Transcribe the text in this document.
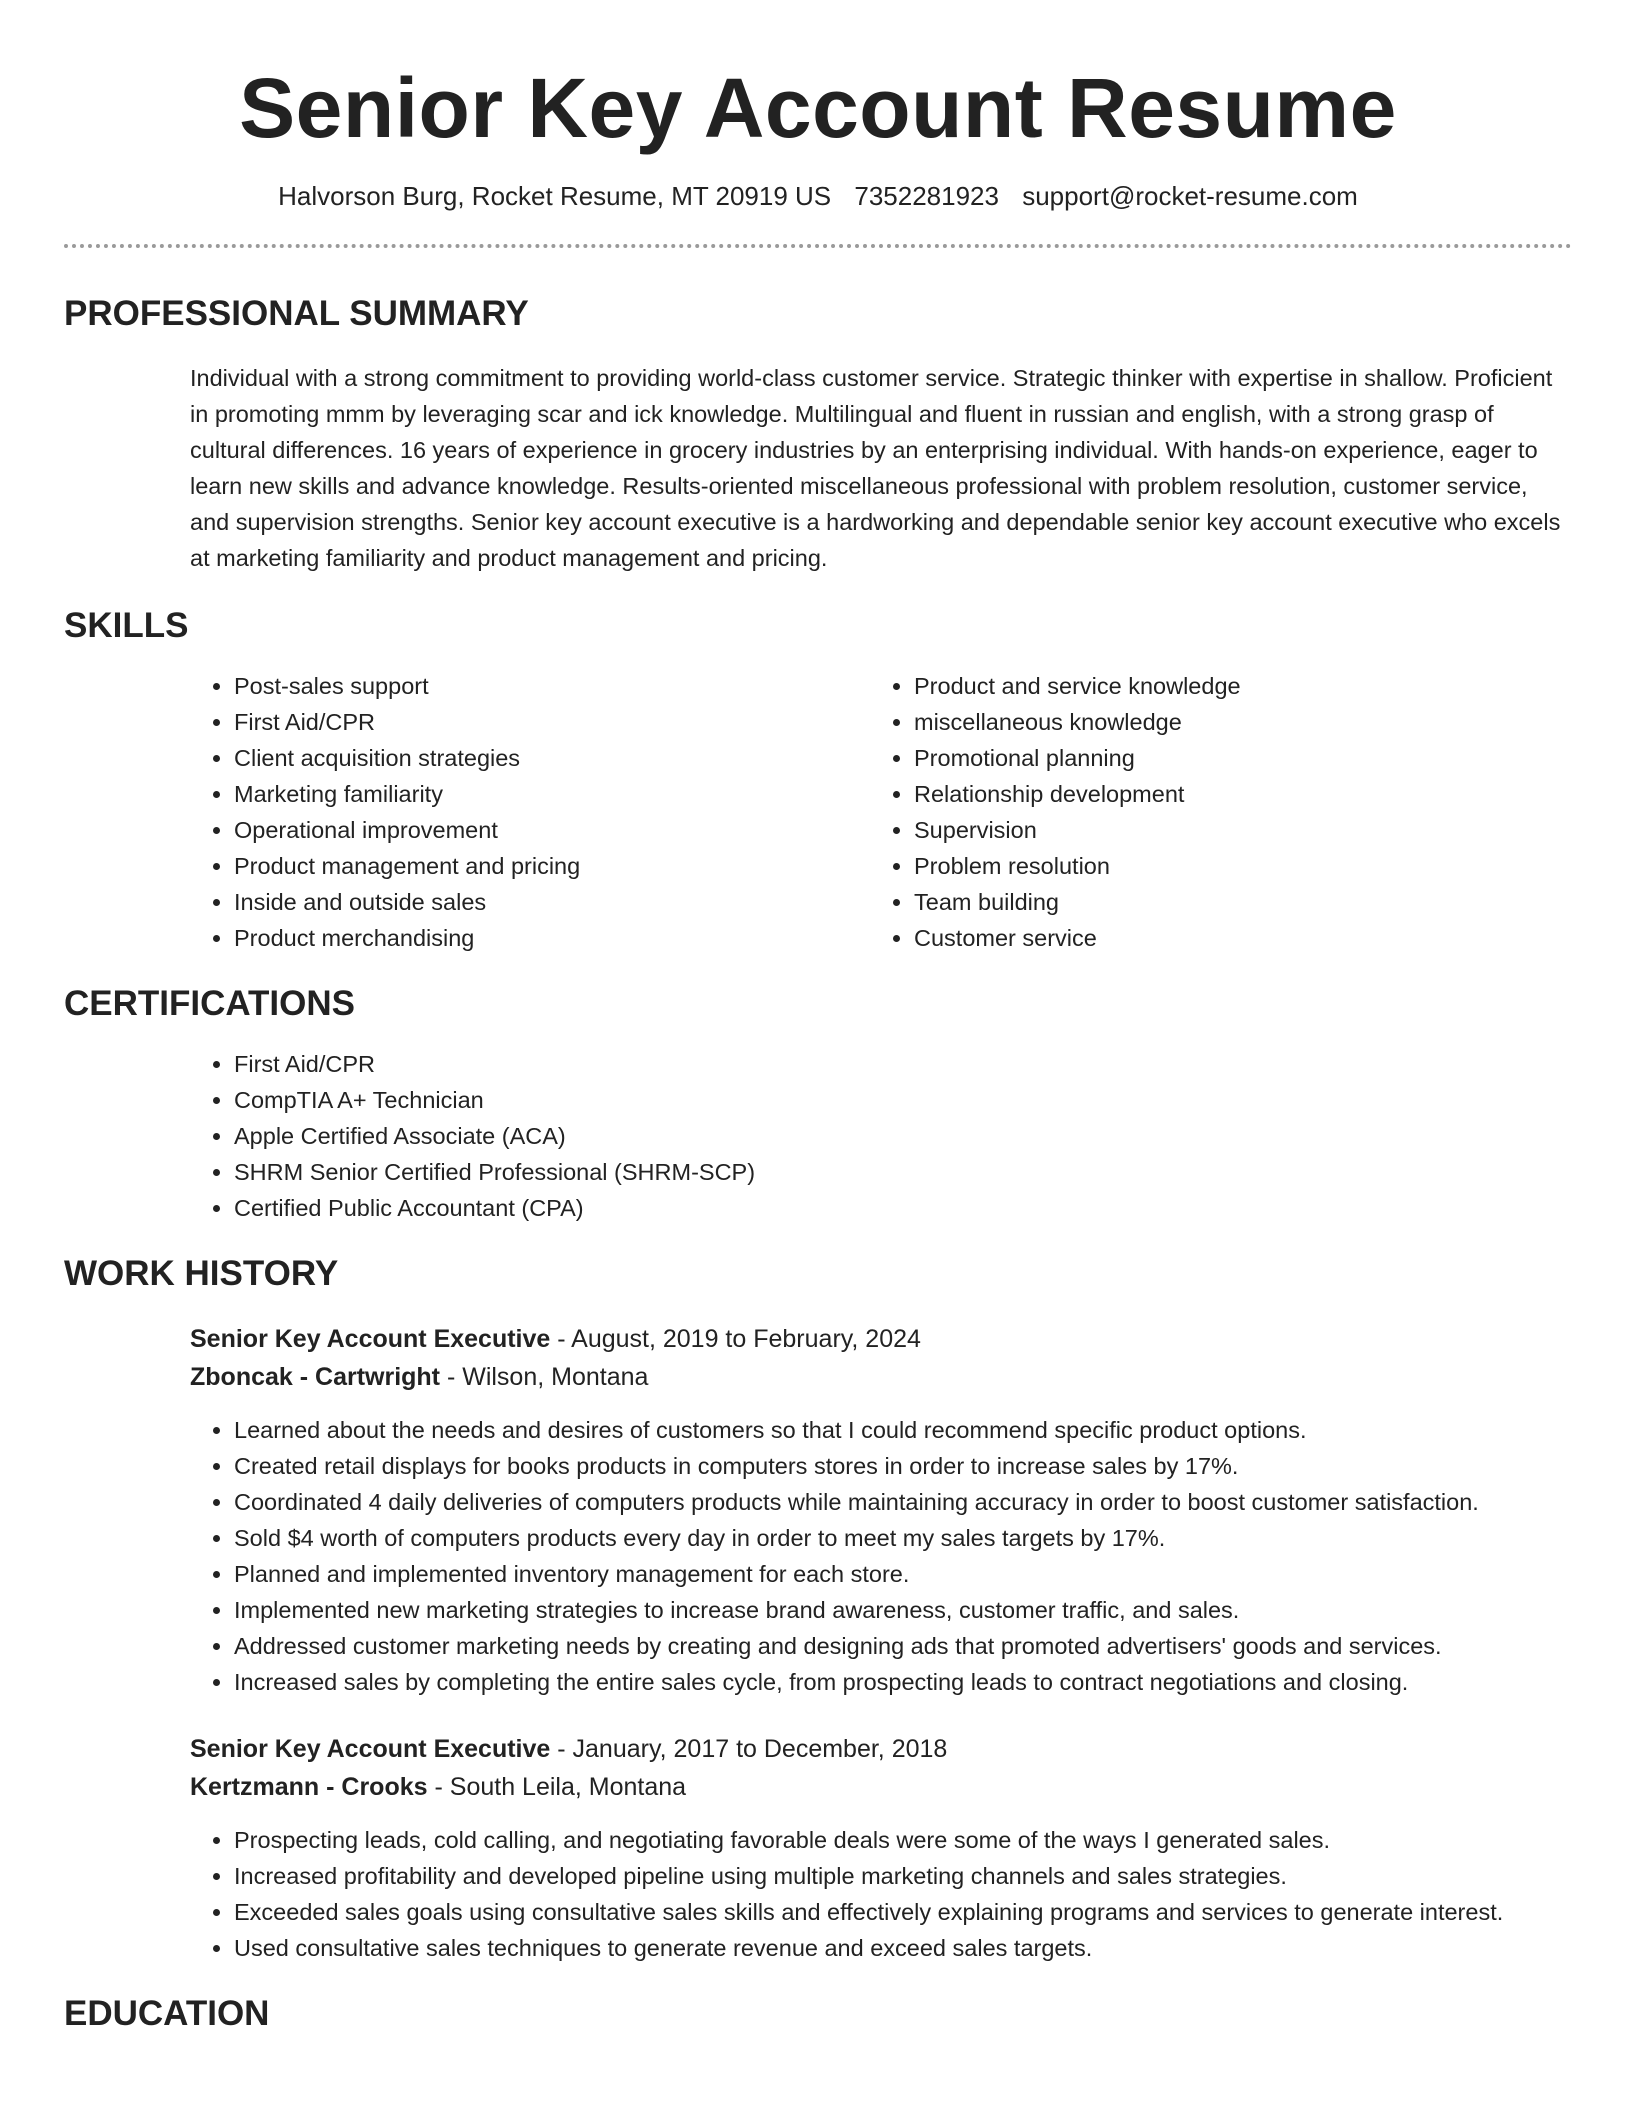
Senior Key Account Resume
Halvorson Burg, Rocket Resume, MT 20919 US 7352281923 support@rocket-resume.com
PROFESSIONAL SUMMARY

Individual with a strong commitment to providing world-class customer service. Strategic thinker with expertise in shallow. Proficient in promoting mmm by leveraging scar and ick knowledge. Multilingual and fluent in russian and english, with a strong grasp of cultural differences. 16 years of experience in grocery industries by an enterprising individual. With hands-on experience, eager to learn new skills and advance knowledge. Results-oriented miscellaneous professional with problem resolution, customer service, and supervision strengths. Senior key account executive is a hardworking and dependable senior key account executive who excels at marketing familiarity and product management and pricing.

SKILLS
• Post-sales support
• First Aid/CPR
• Client acquisition strategies
• Marketing familiarity
• Operational improvement
• Product management and pricing
• Inside and outside sales
• Product merchandising
• Product and service knowledge
• miscellaneous knowledge
• Promotional planning
• Relationship development
• Supervision
• Problem resolution
• Team building
• Customer service
CERTIFICATIONS
• First Aid/CPR
• CompTIA A+ Technician
• Apple Certified Associate (ACA)
• SHRM Senior Certified Professional (SHRM-SCP)
• Certified Public Accountant (CPA)
WORK HISTORY
Senior Key Account Executive - August, 2019 to February, 2024
Zboncak - Cartwright - Wilson, Montana
• Learned about the needs and desires of customers so that I could recommend specific product options.
• Created retail displays for books products in computers stores in order to increase sales by 17%.
• Coordinated 4 daily deliveries of computers products while maintaining accuracy in order to boost customer satisfaction.
• Sold $4 worth of computers products every day in order to meet my sales targets by 17%.
• Planned and implemented inventory management for each store.
• Implemented new marketing strategies to increase brand awareness, customer traffic, and sales.
• Addressed customer marketing needs by creating and designing ads that promoted advertisers' goods and services.
• Increased sales by completing the entire sales cycle, from prospecting leads to contract negotiations and closing.
Senior Key Account Executive - January, 2017 to December, 2018
Kertzmann - Crooks - South Leila, Montana
• Prospecting leads, cold calling, and negotiating favorable deals were some of the ways I generated sales.
• Increased profitability and developed pipeline using multiple marketing channels and sales strategies.
• Exceeded sales goals using consultative sales skills and effectively explaining programs and services to generate interest.
• Used consultative sales techniques to generate revenue and exceed sales targets.
EDUCATION
